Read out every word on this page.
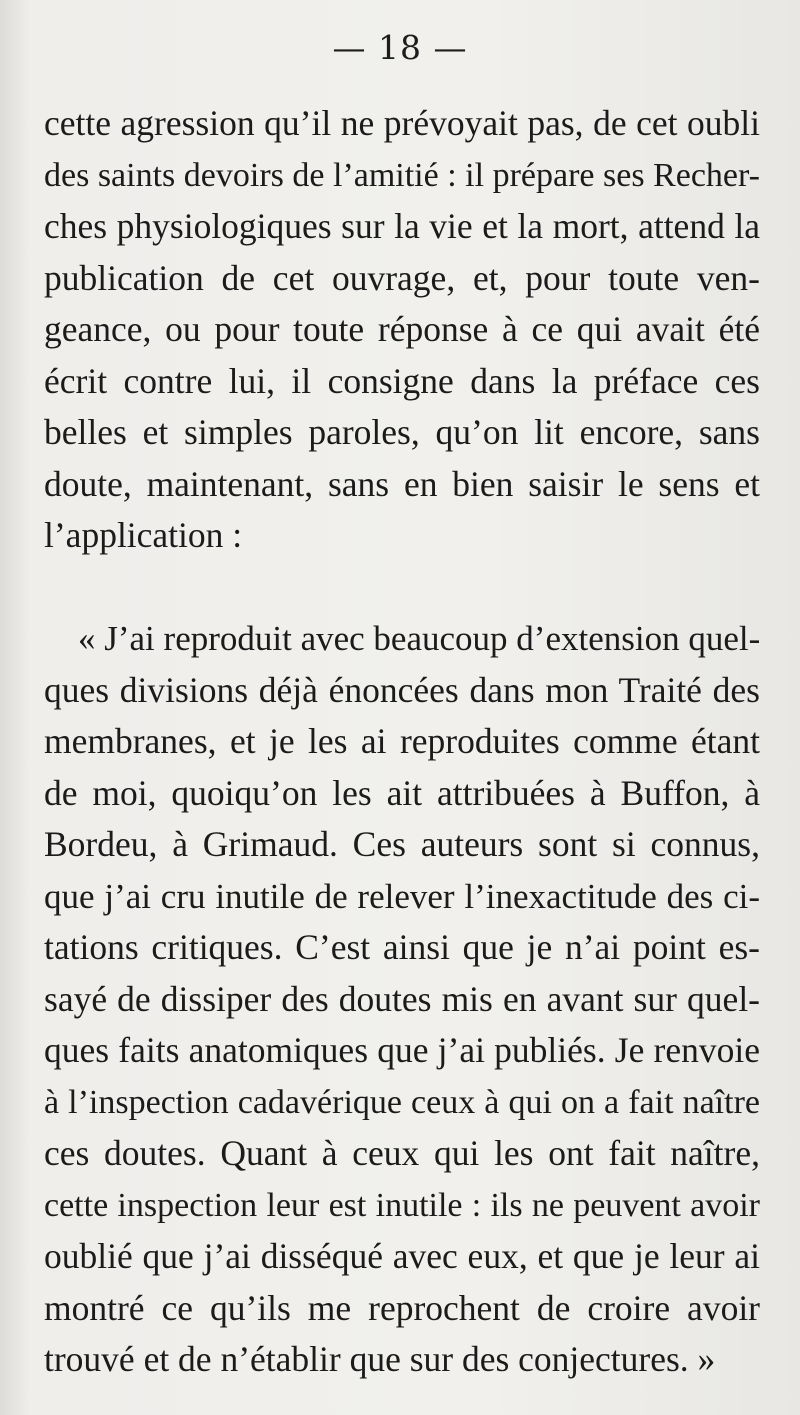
— 18 —
cette agression qu’il ne prévoyait pas, de cet oubli
des saints devoirs de l’amitié : il prépare ses Recher-
ches physiologiques sur la vie et la mort, attend la
publication de cet ouvrage, et, pour toute ven-
geance, ou pour toute réponse à ce qui avait été
écrit contre lui, il consigne dans la préface ces
belles et simples paroles, qu’on lit encore, sans
doute, maintenant, sans en bien saisir le sens et
l’application :
« J’ai reproduit avec beaucoup d’extension quel-
ques divisions déjà énoncées dans mon Traité des
membranes, et je les ai reproduites comme étant
de moi, quoiqu’on les ait attribuées à Buffon, à
Bordeu, à Grimaud. Ces auteurs sont si connus,
que j’ai cru inutile de relever l’inexactitude des ci-
tations critiques. C’est ainsi que je n’ai point es-
sayé de dissiper des doutes mis en avant sur quel-
ques faits anatomiques que j’ai publiés. Je renvoie
à l’inspection cadavérique ceux à qui on a fait naître
ces doutes. Quant à ceux qui les ont fait naître,
cette inspection leur est inutile : ils ne peuvent avoir
oublié que j’ai disséqué avec eux, et que je leur ai
montré ce qu’ils me reprochent de croire avoir
trouvé et de n’établir que sur des conjectures. »
